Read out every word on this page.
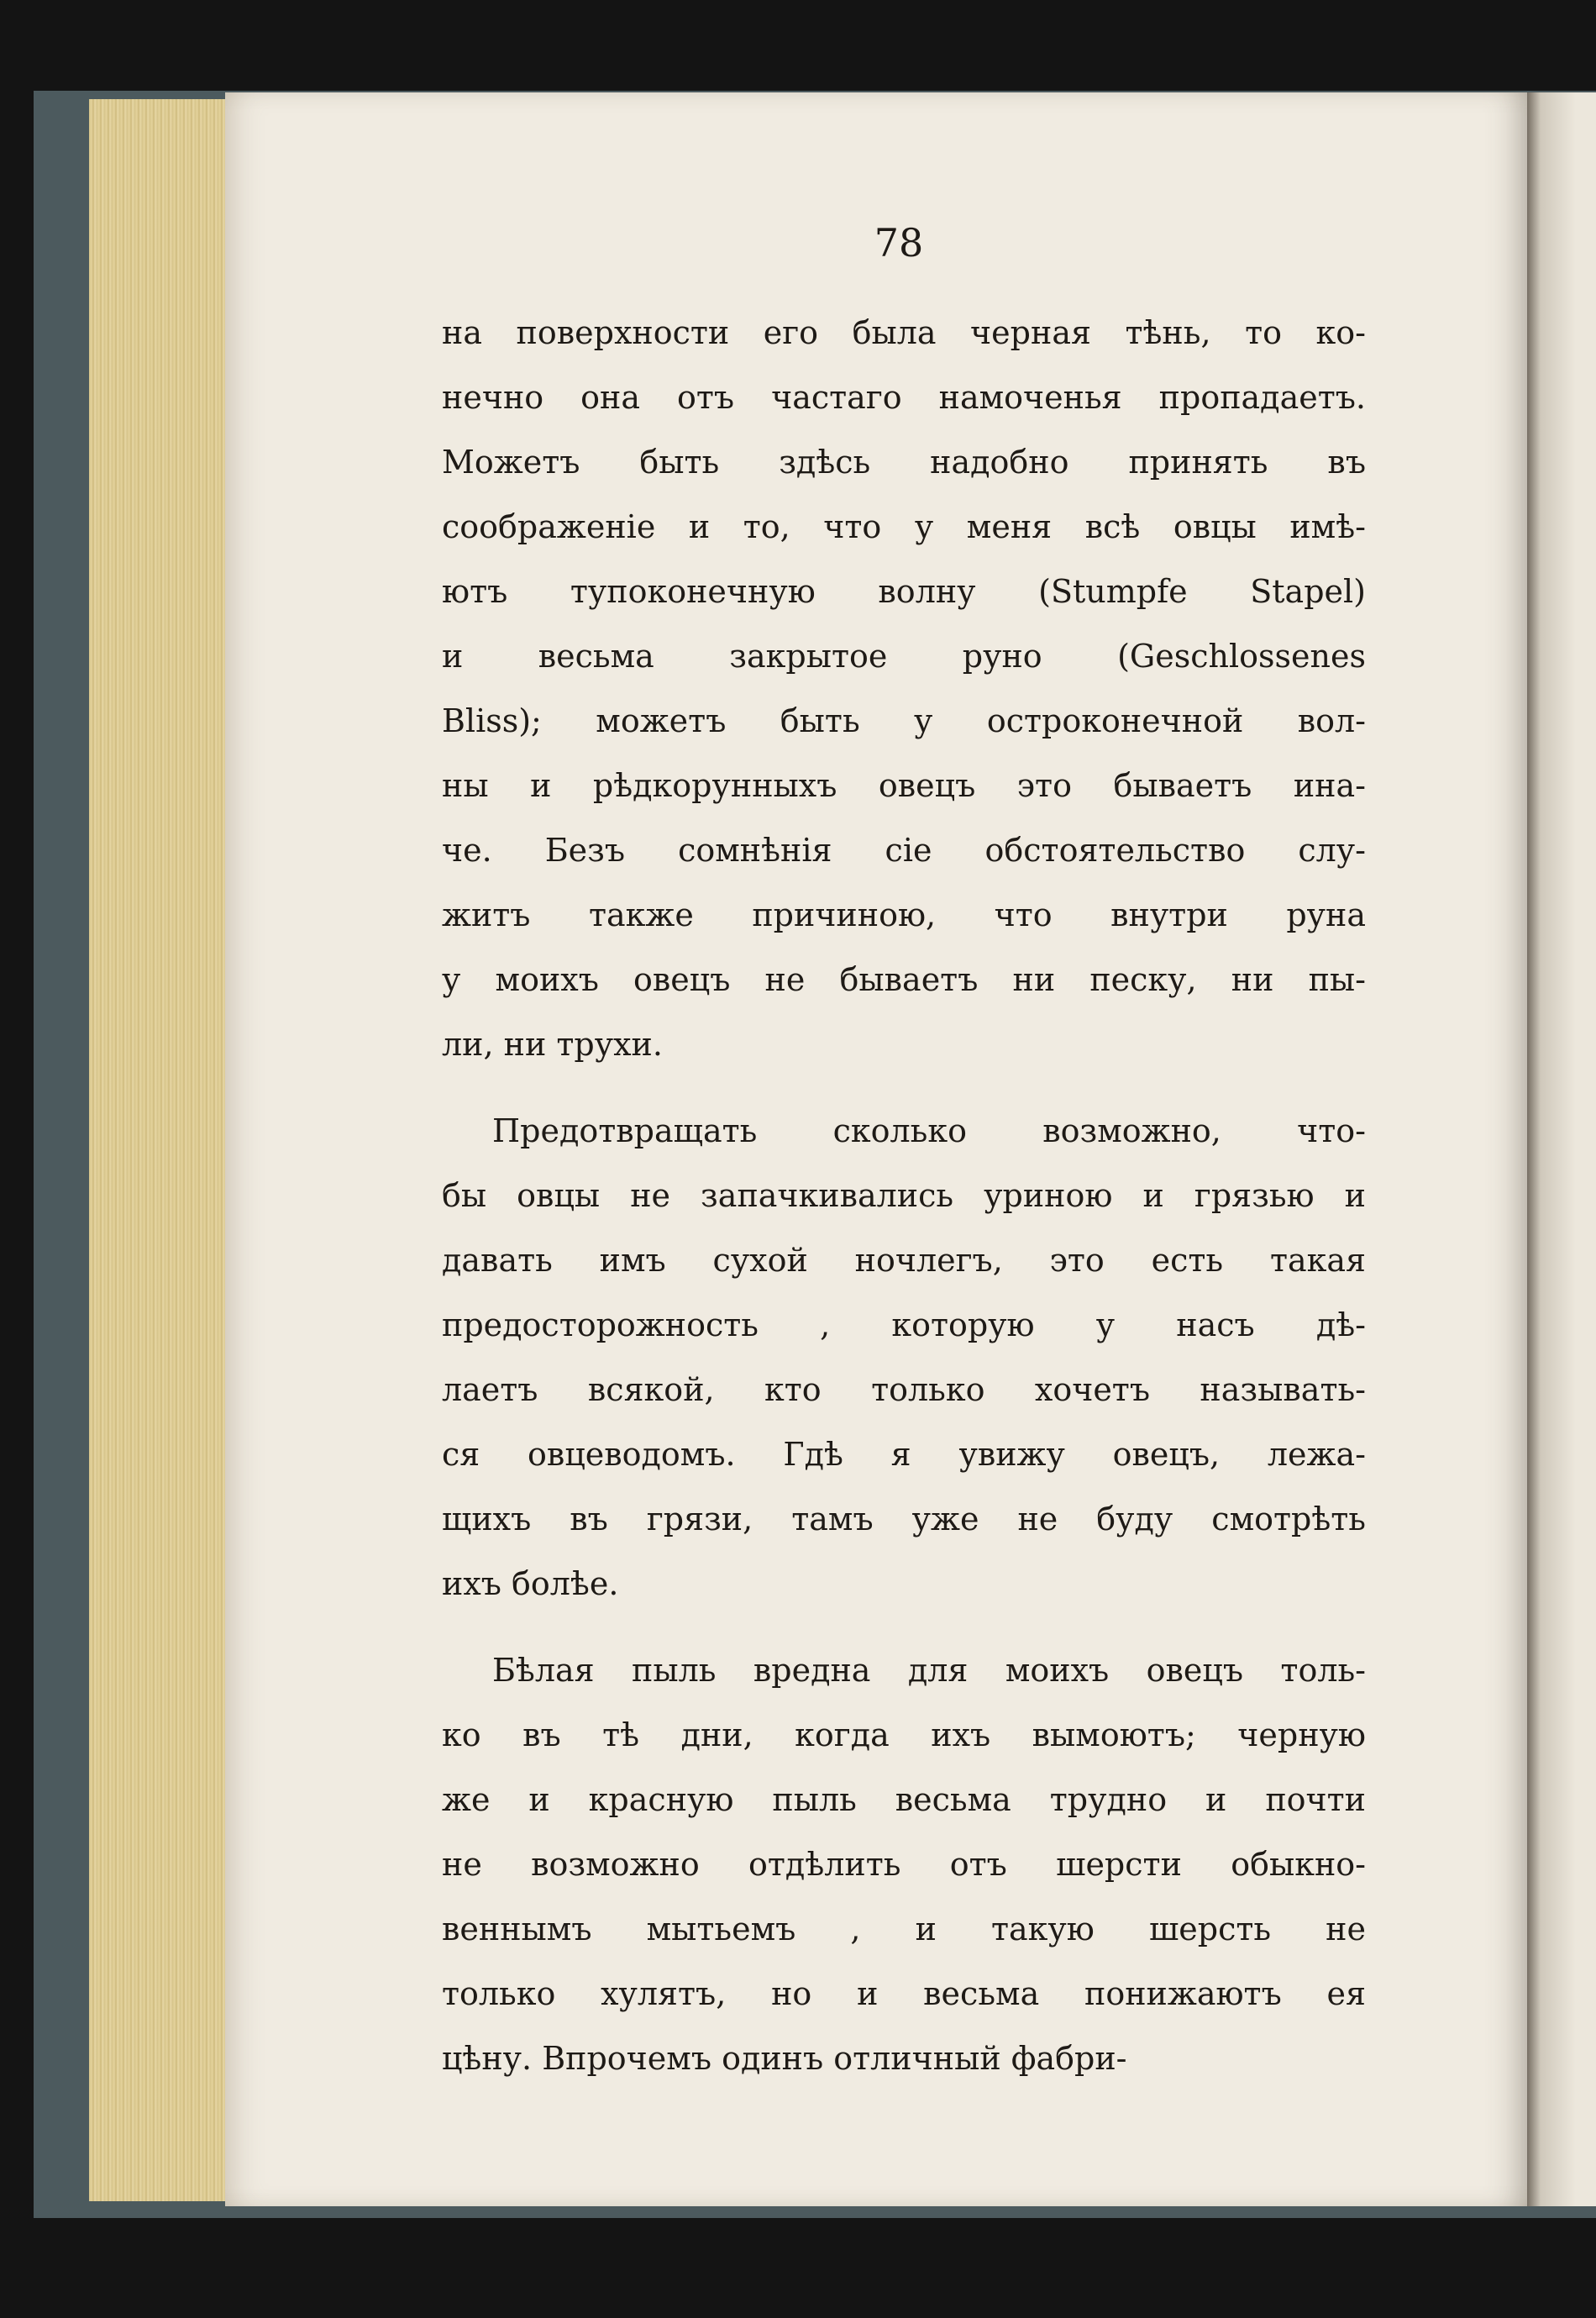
78
на поверхности его была черная тѣнь, то ко-
нечно она отъ частаго намоченья пропадаетъ.
Можетъ быть здѣсь надобно принять въ
соображеніе и то, что у меня всѣ овцы имѣ-
ютъ тупоконечную волну (Stumpfe Stapel)
и весьма закрытое руно (Geschlossenes
Bliss); можетъ быть у остроконечной вол-
ны и рѣдкорунныхъ овецъ это бываетъ ина-
че. Безъ сомнѣнія сіе обстоятельство слу-
житъ также причиною, что внутри руна
у моихъ овецъ не бываетъ ни песку, ни пы-
ли, ни трухи.
Предотвращать сколько возможно, что-
бы овцы не запачкивались уриною и грязью и
давать имъ сухой ночлегъ, это есть такая
предосторожность , которую у насъ дѣ-
лаетъ всякой, кто только хочетъ называть-
ся овцеводомъ. Гдѣ я увижу овецъ, лежа-
щихъ въ грязи, тамъ уже не буду смотрѣть
ихъ болѣе.
Бѣлая пыль вредна для моихъ овецъ толь-
ко въ тѣ дни, когда ихъ вымоютъ; черную
же и красную пыль весьма трудно и почти
не возможно отдѣлить отъ шерсти обыкно-
веннымъ мытьемъ , и такую шерсть не
только хулятъ, но и весьма понижаютъ ея
цѣну. Впрочемъ одинъ отличный фабри-
